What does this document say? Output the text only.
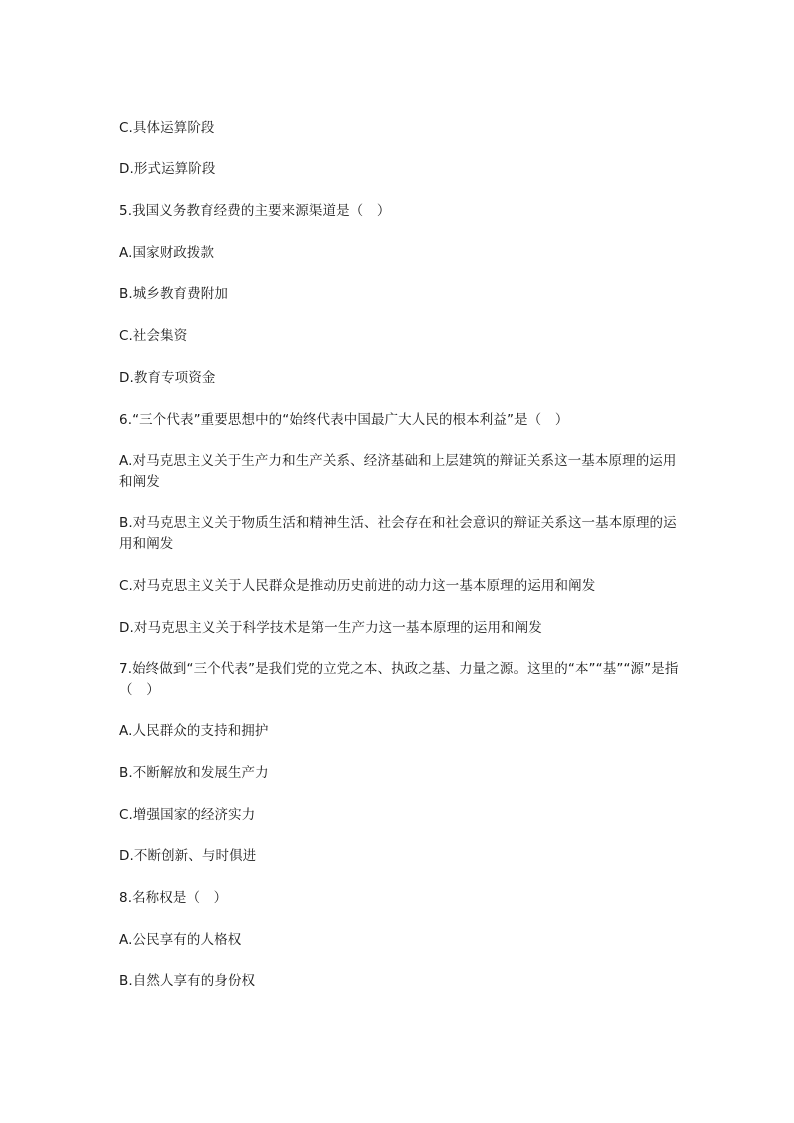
C.具体运算阶段
D.形式运算阶段
5.我国义务教育经费的主要来源渠道是（　）
A.国家财政拨款
B.城乡教育费附加
C.社会集资
D.教育专项资金
6.“三个代表”重要思想中的“始终代表中国最广大人民的根本利益”是（　）
A.对马克思主义关于生产力和生产关系、经济基础和上层建筑的辩证关系这一基本原理的运用和阐发
B.对马克思主义关于物质生活和精神生活、社会存在和社会意识的辩证关系这一基本原理的运用和阐发
C.对马克思主义关于人民群众是推动历史前进的动力这一基本原理的运用和阐发
D.对马克思主义关于科学技术是第一生产力这一基本原理的运用和阐发
7.始终做到“三个代表”是我们党的立党之本、执政之基、力量之源。这里的“本”“基”“源”是指（　）
A.人民群众的支持和拥护
B.不断解放和发展生产力
C.增强国家的经济实力
D.不断创新、与时俱进
8.名称权是（　）
A.公民享有的人格权
B.自然人享有的身份权
